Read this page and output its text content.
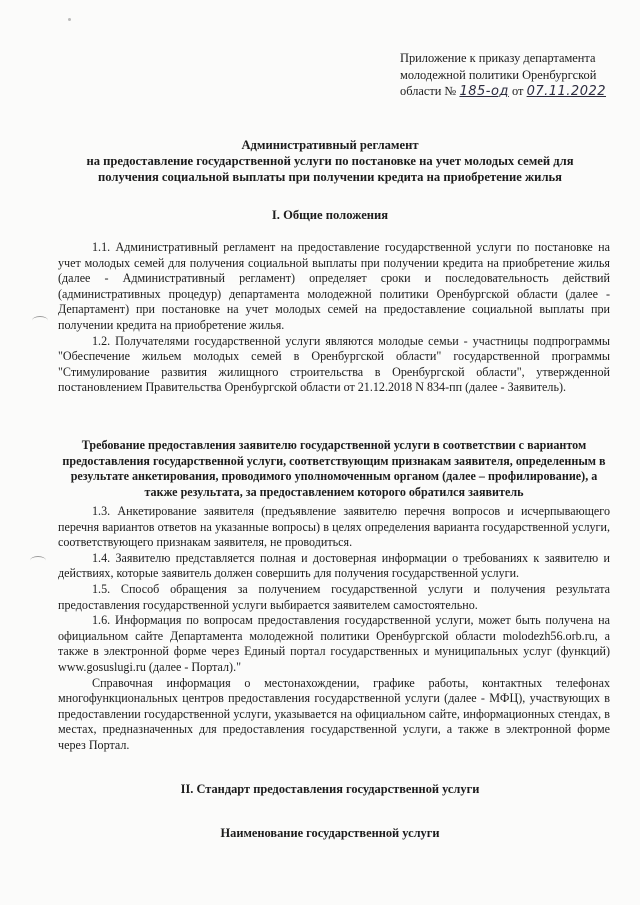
Приложение к приказу департамента
молодежной политики Оренбургской
области № 185-од от 07.11.2022
Административный регламент
на предоставление государственной услуги по постановке на учет молодых семей для
получения социальной выплаты при получении кредита на приобретение жилья
I. Общие положения

1.1. Административный регламент на предоставление государственной услуги по постановке на учет молодых семей для получения социальной выплаты при получении кредита на приобретение жилья (далее - Административный регламент) определяет сроки и последовательность действий (административных процедур) департамента молодежной политики Оренбургской области (далее - Департамент) при постановке на учет молодых семей на предоставление социальной выплаты при получении кредита на приобретение жилья.

1.2. Получателями государственной услуги являются молодые семьи - участницы подпрограммы "Обеспечение жильем молодых семей в Оренбургской области" государственной программы "Стимулирование развития жилищного строительства в Оренбургской области", утвержденной постановлением Правительства Оренбургской области от 21.12.2018 N 834-пп (далее - Заявитель).

Требование предоставления заявителю государственной услуги в соответствии с вариантом предоставления государственной услуги, соответствующим признакам заявителя, определенным в результате анкетирования, проводимого уполномоченным органом (далее – профилирование), а также результата, за предоставлением которого обратился заявитель

1.3. Анкетирование заявителя (предъявление заявителю перечня вопросов и исчерпывающего перечня вариантов ответов на указанные вопросы) в целях определения варианта государственной услуги, соответствующего признакам заявителя, не проводиться.

1.4. Заявителю представляется полная и достоверная информации о требованиях к заявителю и действиях, которые заявитель должен совершить для получения государственной услуги.

1.5. Способ обращения за получением государственной услуги и получения результата предоставления государственной услуги выбирается заявителем самостоятельно.

1.6. Информация по вопросам предоставления государственной услуги, может быть получена на официальном сайте Департамента молодежной политики Оренбургской области molodezh56.orb.ru, а также в электронной форме через Единый портал государственных и муниципальных услуг (функций) www.gosuslugi.ru (далее - Портал)."

Справочная информация о местонахождении, графике работы, контактных телефонах многофункциональных центров предоставления государственной услуги (далее - МФЦ), участвующих в предоставлении государственной услуги, указывается на официальном сайте, информационных стендах, в местах, предназначенных для предоставления государственной услуги, а также в электронной форме через Портал.

II. Стандарт предоставления государственной услуги
Наименование государственной услуги
